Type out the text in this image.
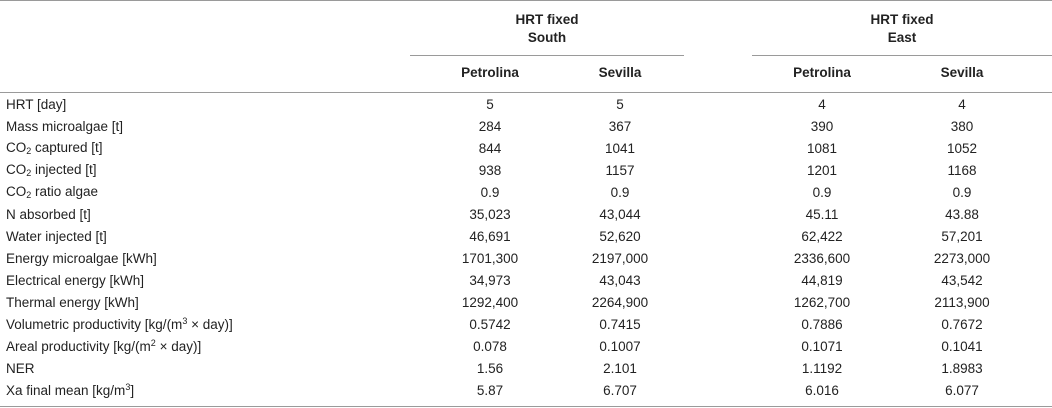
HRT fixed
South
HRT fixed
East
Petrolina	Sevilla	Petrolina	Sevilla
HRT [day]	5	5		4	4
Mass microalgae [t]	284	367		390	380
$CO_2$ captured [t]	844	1041		1081	1052
$CO_2$ injected [t]	938	1157		1201	1168
$CO_2$ ratio algae	0.9	0.9		0.9	0.9
N absorbed [t]	35,023	43,044		45.11	43.88
Water injected [t]	46,691	52,620		62,422	57,201
Energy microalgae [kWh]	1701,300	2197,000		2336,600	2273,000
Electrical energy [kWh]	34,973	43,043		44,819	43,542
Thermal energy [kWh]	1292,400	2264,900		1262,700	2113,900
Volumetric productivity $[kg/(m^3 \times day)]$	0.5742	0.7415		0.7886	0.7672
Areal productivity $[kg/(m^2 \times day)]$	0.078	0.1007		0.1071	0.1041
NER	1.56	2.101		1.1192	1.8983
Xa final mean $[kg/m^3]$	5.87	6.707		6.016	6.077
